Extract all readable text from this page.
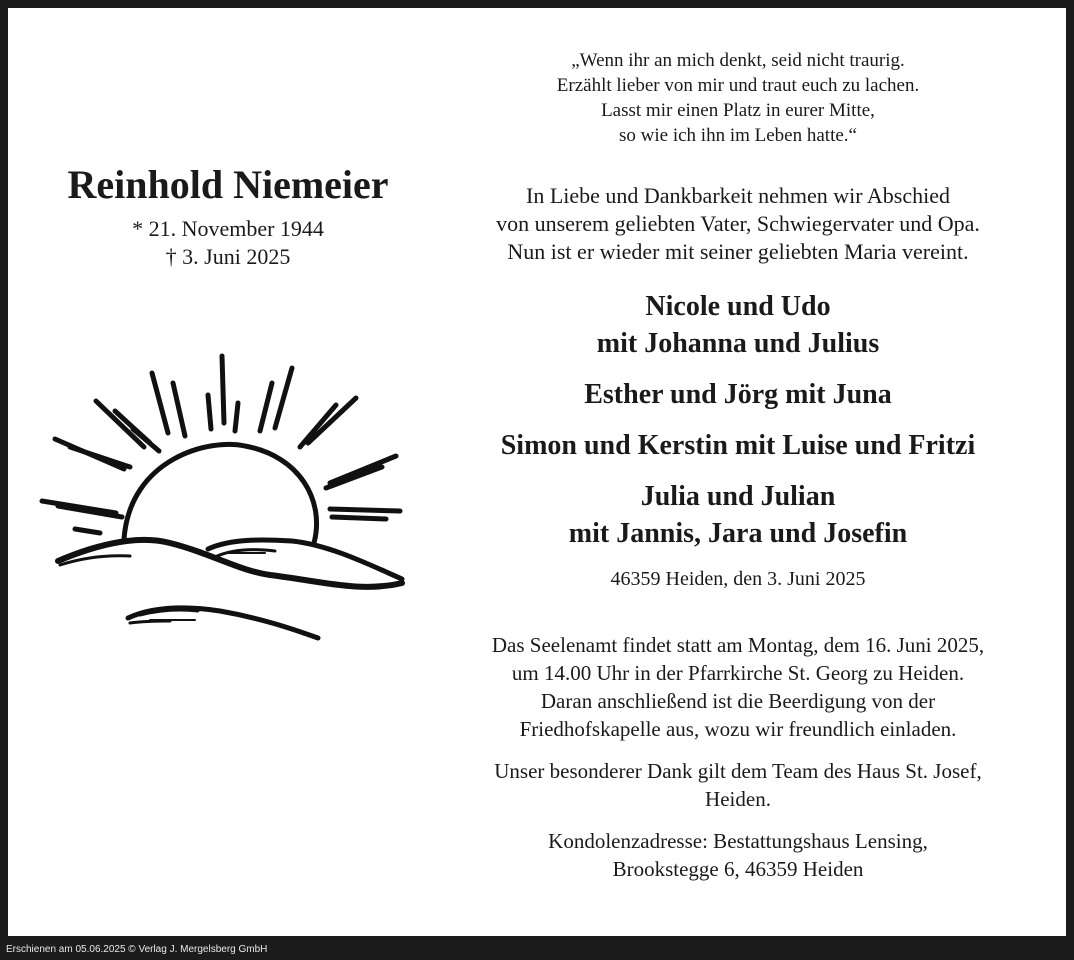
Reinhold Niemeier
* 21. November 1944
† 3. Juni 2025
„Wenn ihr an mich denkt, seid nicht traurig.
Erzählt lieber von mir und traut euch zu lachen.
Lasst mir einen Platz in eurer Mitte,
so wie ich ihn im Leben hatte.“
In Liebe und Dankbarkeit nehmen wir Abschied
von unserem geliebten Vater, Schwiegervater und Opa.
Nun ist er wieder mit seiner geliebten Maria vereint.
Nicole und Udo
mit Johanna und Julius
Esther und Jörg mit Juna
Simon und Kerstin mit Luise und Fritzi
Julia und Julian
mit Jannis, Jara und Josefin
46359 Heiden, den 3. Juni 2025
Das Seelenamt findet statt am Montag, dem 16. Juni 2025,
um 14.00 Uhr in der Pfarrkirche St. Georg zu Heiden.
Daran anschließend ist die Beerdigung von der
Friedhofskapelle aus, wozu wir freundlich einladen.
Unser besonderer Dank gilt dem Team des Haus St. Josef,
Heiden.
Kondolenzadresse: Bestattungshaus Lensing,
Brookstegge 6, 46359 Heiden
Erschienen am 05.06.2025 © Verlag J. Mergelsberg GmbH
